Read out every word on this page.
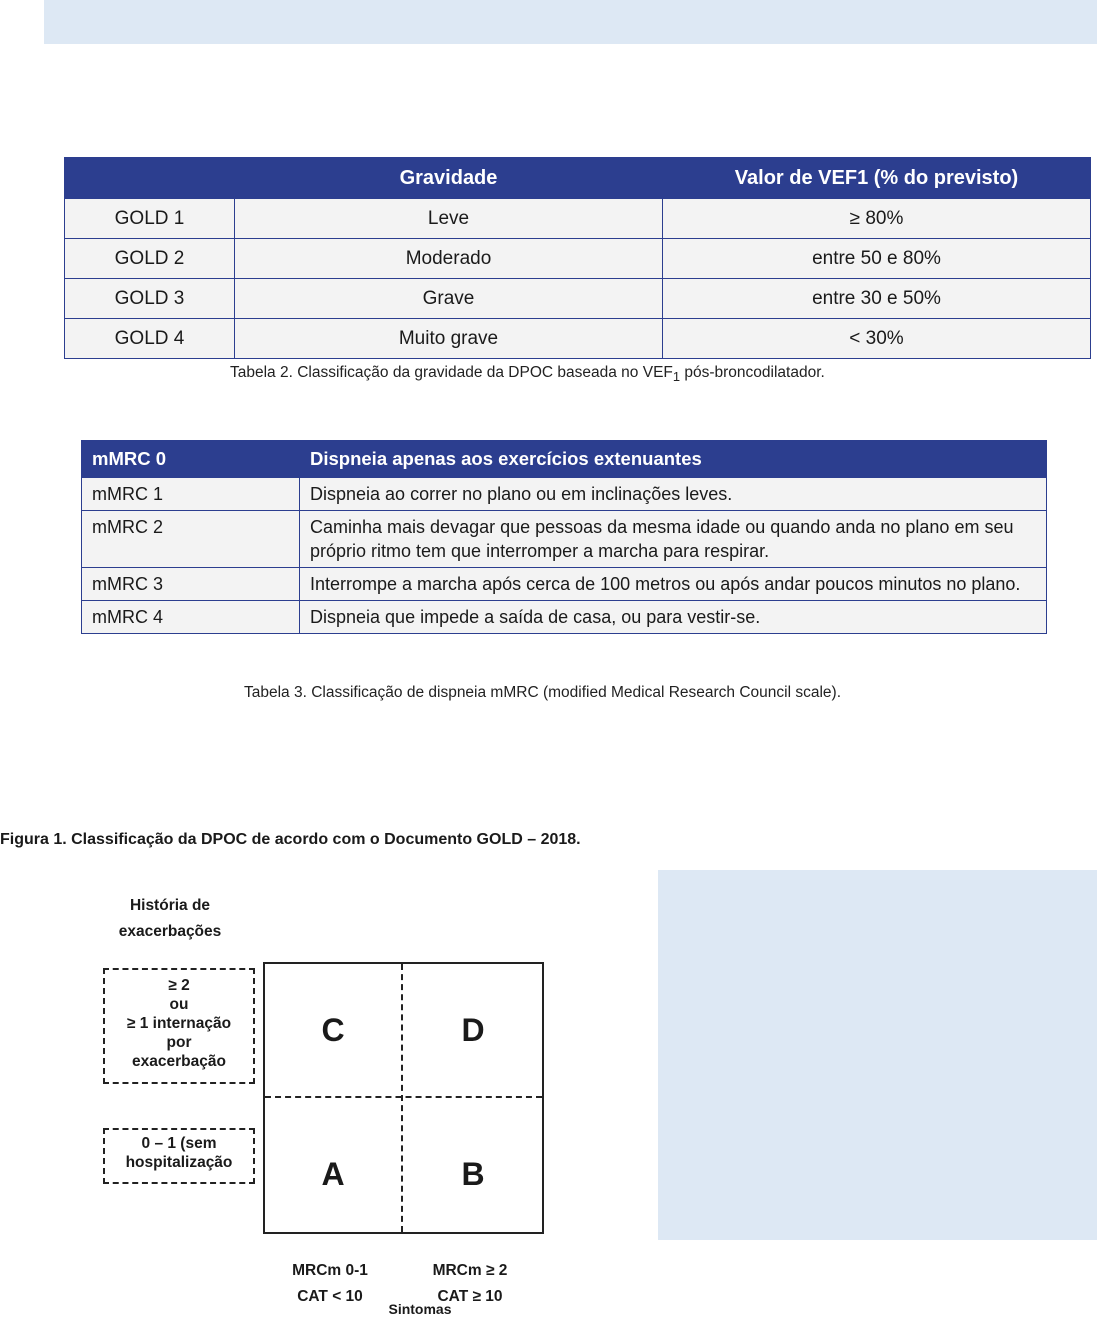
	Gravidade	Valor de VEF1 (% do previsto)
GOLD 1	Leve	≥ 80%
GOLD 2	Moderado	entre 50 e 80%
GOLD 3	Grave	entre 30 e 50%
GOLD 4	Muito grave	< 30%
Tabela 2. Classificação da gravidade da DPOC baseada no $VEF_1$ pós-broncodilatador.
mMRC 0	Dispneia apenas aos exercícios extenuantes
mMRC 1	Dispneia ao correr no plano ou em inclinações leves.
mMRC 2	Caminha mais devagar que pessoas da mesma idade ou quando anda no plano em seu próprio ritmo tem que interromper a marcha para respirar.
mMRC 3	Interrompe a marcha após cerca de 100 metros ou após andar poucos minutos no plano.
mMRC 4	Dispneia que impede a saída de casa, ou para vestir-se.
Tabela 3. Classificação de dispneia mMRC (modified Medical Research Council scale).
Figura 1. Classificação da DPOC de acordo com o Documento GOLD – 2018.
História de
exacerbações
≥ 2
ou
≥ 1 internação
por
exacerbação
0 – 1 (sem
hospitalização
C	D
A	B
MRCm 0-1
CAT < 10
MRCm ≥ 2
CAT ≥ 10
Sintomas
